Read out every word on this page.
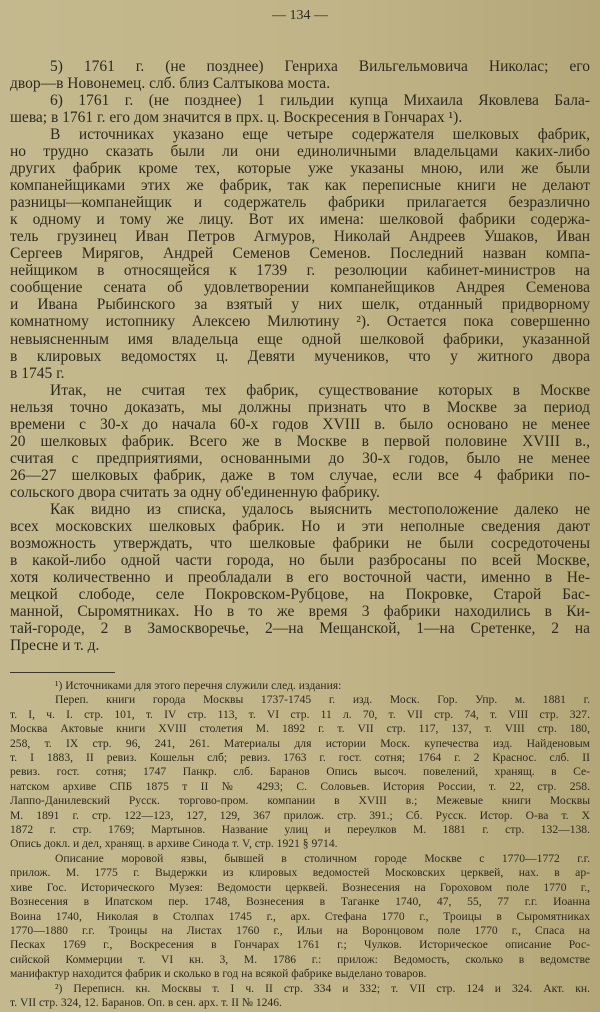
— 134 —
5) 1761 г. (не позднее) Генриха Вильгельмовича Николас; его
двор—в Новонемец. слб. близ Салтыкова моста.
6) 1761 г. (не позднее) 1 гильдии купца Михаила Яковлева Бала-
шева; в 1761 г. его дом значится в прх. ц. Воскресения в Гончарах ¹).
В источниках указано еще четыре содержателя шелковых фабрик,
но трудно сказать были ли они единоличными владельцами каких-либо
других фабрик кроме тех, которые уже указаны мною, или же были
компанейщиками этих же фабрик, так как переписные книги не делают
разницы—компанейщик и содержатель фабрики прилагается безразлично
к одному и тому же лицу. Вот их имена: шелковой фабрики содержа-
тель грузинец Иван Петров Агмуров, Николай Андреев Ушаков, Иван
Сергеев Мирягов, Андрей Семенов Семенов. Последний назван компа-
нейщиком в относящейся к 1739 г. резолюции кабинет-министров на
сообщение сената об удовлетворении компанейщиков Андрея Семенова
и Ивана Рыбинского за взятый у них шелк, отданный придворному
комнатному истопнику Алексею Милютину ²). Остается пока совершенно
невыясненным имя владельца еще одной шелковой фабрики, указанной
в клировых ведомостях ц. Девяти мучеников, что у житного двора
в 1745 г.
Итак, не считая тех фабрик, существование которых в Москве
нельзя точно доказать, мы должны признать что в Москве за период
времени с 30-х до начала 60-х годов XVIII в. было основано не менее
20 шелковых фабрик. Всего же в Москве в первой половине XVIII в.,
считая с предприятиями, основанными до 30-х годов, было не менее
26—27 шелковых фабрик, даже в том случае, если все 4 фабрики по-
сольского двора считать за одну об'единенную фабрику.
Как видно из списка, удалось выяснить местоположение далеко не
всех московских шелковых фабрик. Но и эти неполные сведения дают
возможность утверждать, что шелковые фабрики не были сосредоточены
в какой-либо одной части города, но были разбросаны по всей Москве,
хотя количественно и преобладали в его восточной части, именно в Не-
мецкой слободе, селе Покровском-Рубцове, на Покровке, Старой Бас-
манной, Сыромятниках. Но в то же время 3 фабрики находились в Ки-
тай-городе, 2 в Замоскворечье, 2—на Мещанской, 1—на Сретенке, 2 на
Пресне и т. д.
¹) Источниками для этого перечня служили след. издания:
Переп. книги города Москвы 1737-1745 г. изд. Моск. Гор. Упр. м. 1881 г.
т. I, ч. I. стр. 101, т. IV стр. 113, т. VI стр. 11 л. 70, т. VII стр. 74, т. VIII стр. 327.
Москва Актовые книги XVIII столетия М. 1892 г. т. VII стр. 117, 137, т. VIII стр. 180,
258, т. IX стр. 96, 241, 261. Материалы для истории Моск. купечества изд. Найденовым
т. I 1883, II ревиз. Кошельн слб; ревиз. 1763 г. гост. сотня; 1764 г. 2 Краснос. слб. II
ревиз. гост. сотня; 1747 Панкр. слб. Баранов Опись высоч. повелений, хранящ. в Се-
натском архиве СПБ 1875 т II № 4293; С. Соловьев. История России, т. 22, стр. 258.
Лаппо-Данилевский Русск. торгово-пром. компании в XVIII в.; Межевые книги Москвы
М. 1891 г. стр. 122—123, 127, 129, 367 прилож. стр. 391.; Сб. Русск. Истор. О-ва т. X
1872 г. стр. 1769; Мартынов. Название улиц и переулков М. 1881 г. стр. 132—138.
Опись докл. и дел, хранящ. в архиве Синода т. V, стр. 1921 § 9714.
Описание моровой язвы, бывшей в столичном городе Москве с 1770—1772 г.г.
прилож. М. 1775 г. Выдержки из клировых ведомостей Московских церквей, нах. в ар-
хиве Гос. Исторического Музея: Ведомости церквей. Вознесения на Гороховом поле 1770 г.,
Вознесения в Ипатском пер. 1748, Вознесения в Таганке 1740, 47, 55, 77 г.г. Иоанна
Воина 1740, Николая в Столпах 1745 г., арх. Стефана 1770 г., Троицы в Сыромятниках
1770—1880 г.г. Троицы на Листах 1760 г., Ильи на Воронцовом поле 1770 г., Спаса на
Песках 1769 г., Воскресения в Гончарах 1761 г.; Чулков. Историческое описание Рос-
сийской Коммерции т. VI кн. 3, М. 1786 г.: прилож: Ведомость, сколько в ведомстве
манифактур находится фабрик и сколько в год на всякой фабрике выделано товаров.
²) Переписн. кн. Москвы т. I ч. II стр. 334 и 332; т. VII стр. 124 и 324. Акт. кн.
т. VII стр. 324, 12. Баранов. Оп. в сен. арх. т. II № 1246.
